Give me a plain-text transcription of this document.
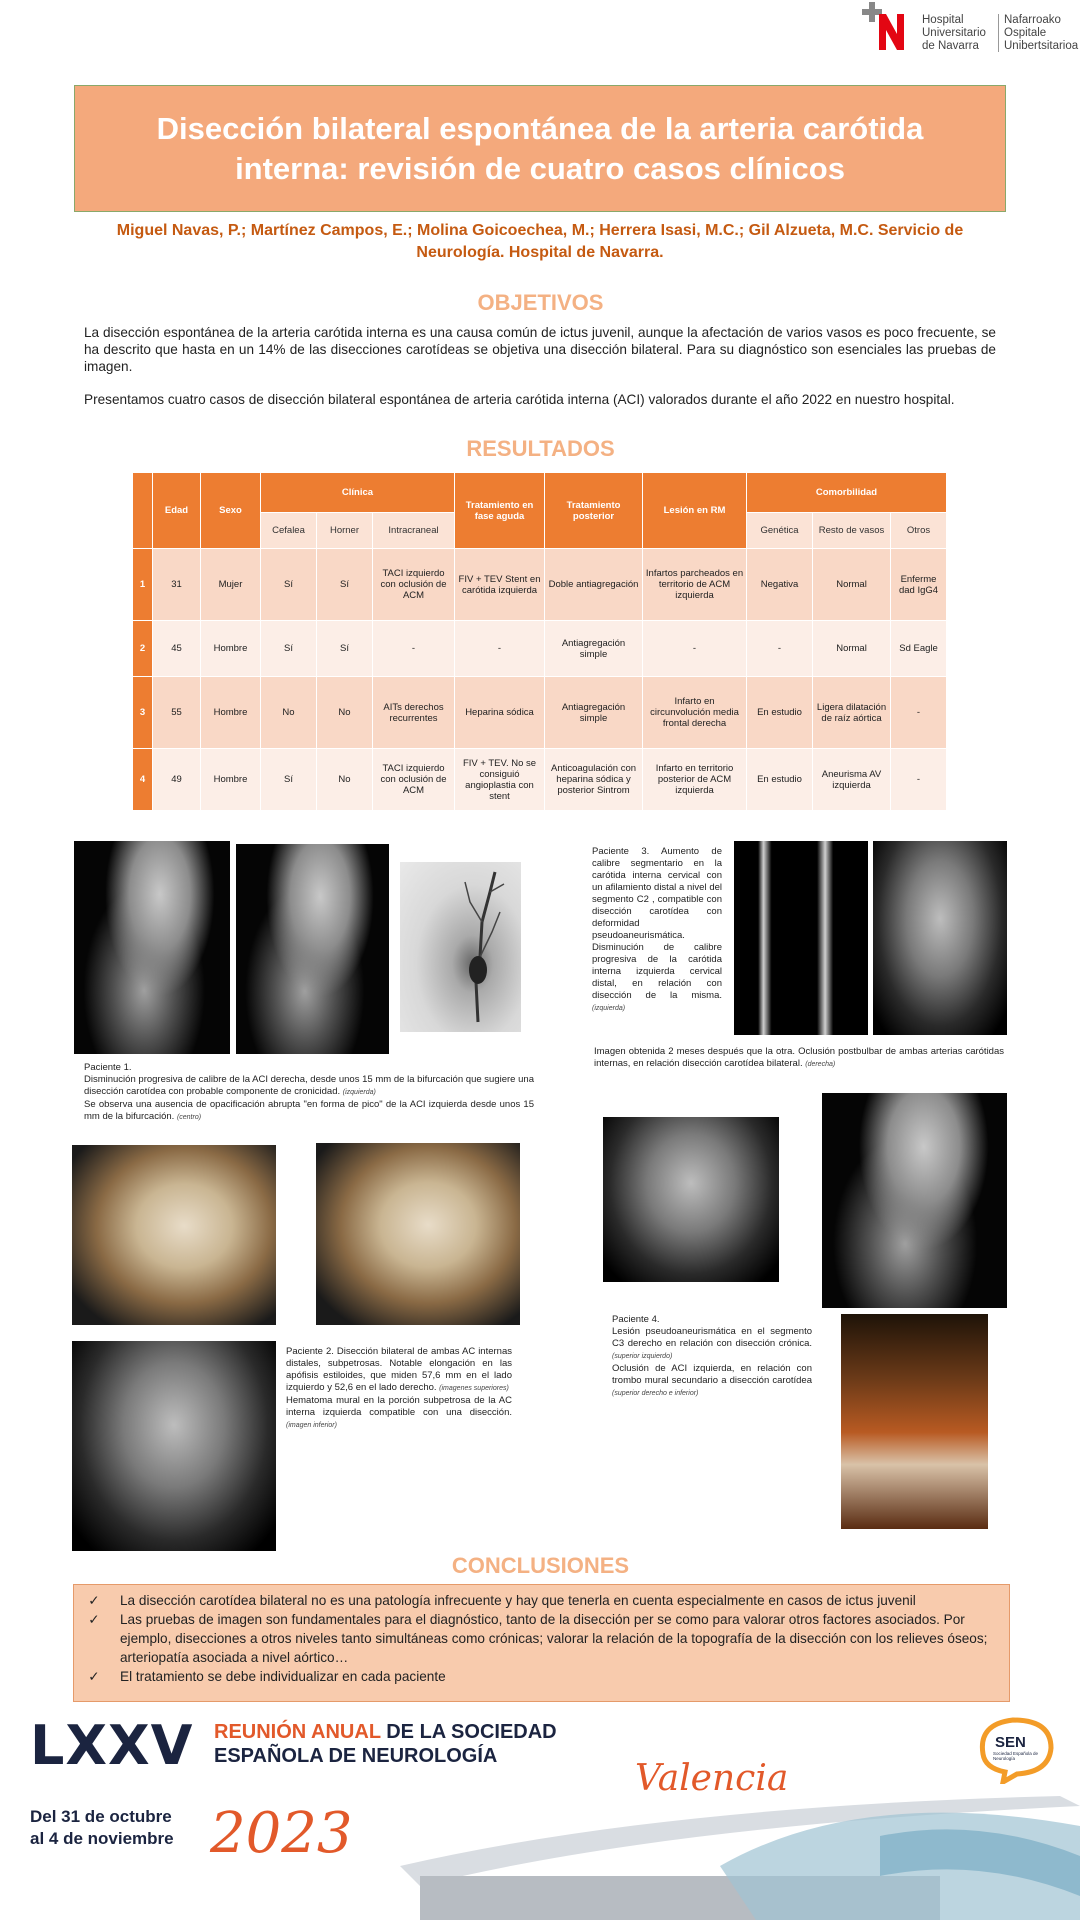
Hospital
Universitario
de Navarra
Nafarroako
Ospitale
Unibertsitarioa
Disección bilateral espontánea de la arteria carótida interna: revisión de cuatro casos clínicos
Miguel Navas, P.; Martínez Campos, E.; Molina Goicoechea, M.; Herrera Isasi, M.C.; Gil Alzueta, M.C. Servicio de Neurología. Hospital de Navarra.
OBJETIVOS
La disección espontánea de la arteria carótida interna es una causa común de ictus juvenil, aunque la afectación de varios vasos es poco frecuente, se ha descrito que hasta en un 14% de las disecciones carotídeas se objetiva una disección bilateral. Para su diagnóstico son esenciales las pruebas de imagen.
Presentamos cuatro casos de disección bilateral espontánea de arteria carótida interna (ACI) valorados durante el año 2022 en nuestro hospital.
RESULTADOS
	Edad	Sexo	Clínica			Tratamiento en fase aguda	Tratamiento posterior	Lesión en RM	Comorbilidad		
			Cefalea	Horner	Intracraneal				Genética	Resto de vasos	Otros
1	31	Mujer	Sí	Sí	TACI izquierdo con oclusión de ACM	FIV + TEV Stent en carótida izquierda	Doble antiagregación	Infartos parcheados en territorio de ACM izquierda	Negativa	Normal	Enferme dad IgG4
2	45	Hombre	Sí	Sí	-	-	Antiagregación simple	-	-	Normal	Sd Eagle
3	55	Hombre	No	No	AITs derechos recurrentes	Heparina sódica	Antiagregación simple	Infarto en circunvolución media frontal derecha	En estudio	Ligera dilatación de raíz aórtica	-
4	49	Hombre	Sí	No	TACI izquierdo con oclusión de ACM	FIV + TEV. No se consiguió angioplastia con stent	Anticoagulación con heparina sódica y posterior Sintrom	Infarto en territorio posterior de ACM izquierda	En estudio	Aneurisma AV izquierda	-
Paciente 1.
Disminución progresiva de calibre de la ACI derecha, desde unos 15 mm de la bifurcación que sugiere una disección carotídea con probable componente de cronicidad. (izquierda)
Se observa una ausencia de opacificación abrupta "en forma de pico" de la ACI izquierda desde unos 15 mm de la bifurcación. (centro)
Paciente 2. Disección bilateral de ambas AC internas distales, subpetrosas. Notable elongación en las apófisis estiloides, que miden 57,6 mm en el lado izquierdo y 52,6 en el lado derecho. (imagenes superiores)
Hematoma mural en la porción subpetrosa de la AC interna izquierda compatible con una disección. (imagen inferior)
Paciente 3. Aumento de calibre segmentario en la carótida interna cervical con un afilamiento distal a nivel del segmento C2 , compatible con disección carotídea con deformidad pseudoaneurismática.
Disminución de calibre progresiva de la carótida interna izquierda cervical distal, en relación con disección de la misma. (izquierda)
Imagen obtenida 2 meses después que la otra. Oclusión postbulbar de ambas arterias carótidas internas, en relación disección carotídea bilateral. (derecha)
Paciente 4.
Lesión pseudoaneurismática en el segmento C3 derecho en relación con disección crónica. (superior izquierdo)
Oclusión de ACI izquierda, en relación con trombo mural secundario a disección carotídea (superior derecho e inferior)
CONCLUSIONES
✓	La disección carotídea bilateral no es una patología infrecuente y hay que tenerla en cuenta especialmente en casos de ictus juvenil
✓	Las pruebas de imagen son fundamentales para el diagnóstico, tanto de la disección per se como para valorar otros factores asociados. Por ejemplo, disecciones a otros niveles tanto simultáneas como crónicas; valorar la relación de la topografía de la disección con los relieves óseos; arteriopatía asociada a nivel aórtico…
✓	El tratamiento se debe individualizar en cada paciente
LXXV REUNIÓN ANUAL DE LA SOCIEDAD
ESPAÑOLA DE NEUROLOGÍA
Valencia
Del 31 de octubre
al 4 de noviembre 2023
SEN
Sociedad Española de Neurología
